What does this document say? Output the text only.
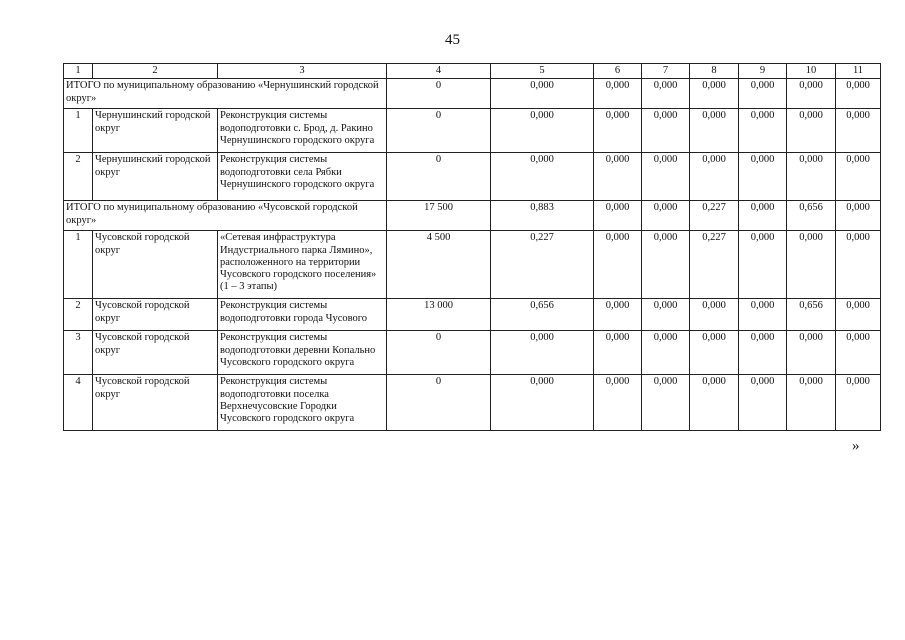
45
1	2	3	4	5	6	7	8	9	10	11
ИТОГО по муниципальному образованию «Чернушинский городской округ»			0	0,000	0,000	0,000	0,000	0,000	0,000	0,000
1	Чернушинский городской округ	Реконструкция системы водоподготовки с. Брод, д. Ракино Чернушинского городского округа	0	0,000	0,000	0,000	0,000	0,000	0,000	0,000
2	Чернушинский городской округ	Реконструкция системы водоподготовки села Рябки Чернушинского городского округа	0	0,000	0,000	0,000	0,000	0,000	0,000	0,000
ИТОГО по муниципальному образованию «Чусовской городской округ»			17 500	0,883	0,000	0,000	0,227	0,000	0,656	0,000
1	Чусовской городской округ	«Сетевая инфраструктура Индустриального парка Лямино», расположенного на территории Чусовского городского поселения» (1 – 3 этапы)	4 500	0,227	0,000	0,000	0,227	0,000	0,000	0,000
2	Чусовской городской округ	Реконструкция системы водоподготовки города Чусового	13 000	0,656	0,000	0,000	0,000	0,000	0,656	0,000
3	Чусовской городской округ	Реконструкция системы водоподготовки деревни Копально Чусовского городского округа	0	0,000	0,000	0,000	0,000	0,000	0,000	0,000
4	Чусовской городской округ	Реконструкция системы водоподготовки поселка Верхнечусовские Городки Чусовского городского округа	0	0,000	0,000	0,000	0,000	0,000	0,000	0,000
»
